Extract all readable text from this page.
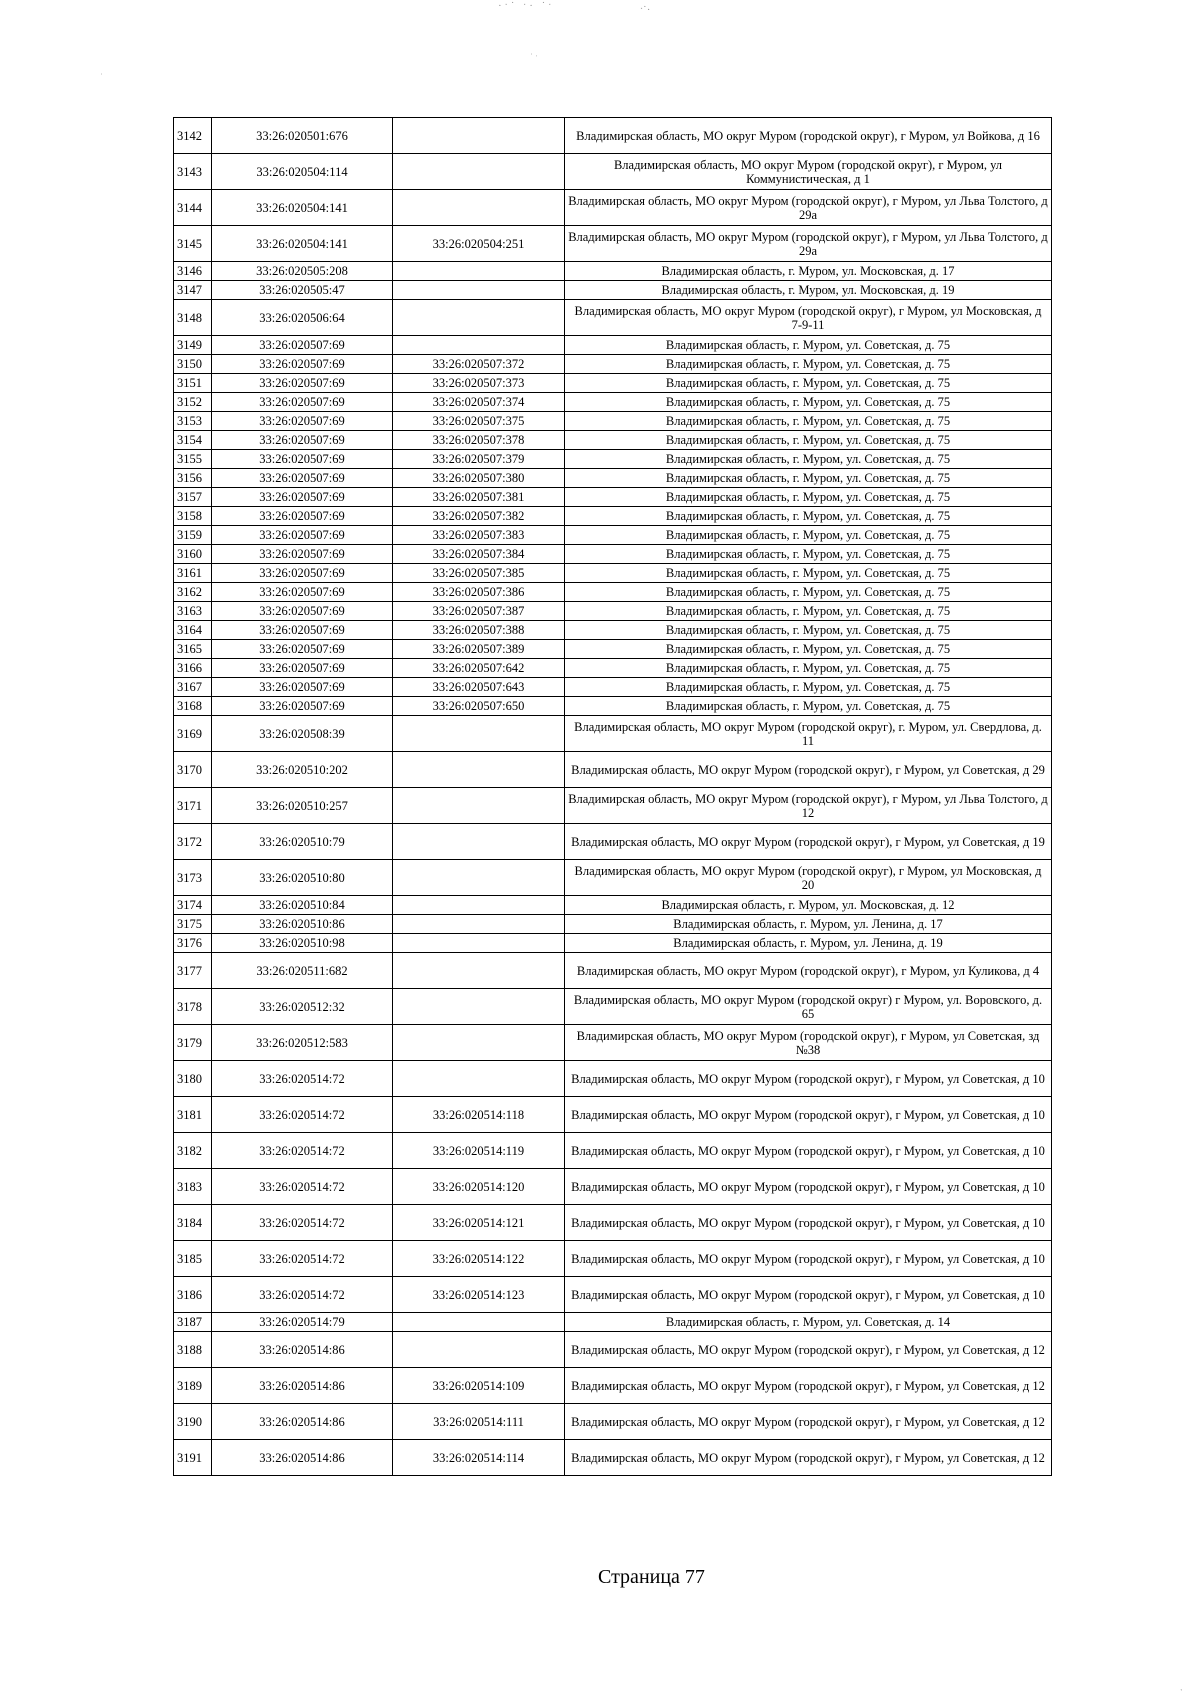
·ˑ˙ ˑ· ˙ˑ	ˑ˙·
˙ ˑ
˙
3142	33:26:020501:676		Владимирская область, МО округ Муром (городской округ), г Муром, ул Войкова, д 16
3143	33:26:020504:114		Владимирская область, МО округ Муром (городской округ), г Муром, ул Коммунистическая, д 1
3144	33:26:020504:141		Владимирская область, МО округ Муром (городской округ), г Муром, ул Льва Толстого, д 29а
3145	33:26:020504:141	33:26:020504:251	Владимирская область, МО округ Муром (городской округ), г Муром, ул Льва Толстого, д 29а
3146	33:26:020505:208		Владимирская область, г. Муром, ул. Московская, д. 17
3147	33:26:020505:47		Владимирская область, г. Муром, ул. Московская, д. 19
3148	33:26:020506:64		Владимирская область, МО округ Муром (городской округ), г Муром, ул Московская, д 7-9-11
3149	33:26:020507:69		Владимирская область, г. Муром, ул. Советская, д. 75
3150	33:26:020507:69	33:26:020507:372	Владимирская область, г. Муром, ул. Советская, д. 75
3151	33:26:020507:69	33:26:020507:373	Владимирская область, г. Муром, ул. Советская, д. 75
3152	33:26:020507:69	33:26:020507:374	Владимирская область, г. Муром, ул. Советская, д. 75
3153	33:26:020507:69	33:26:020507:375	Владимирская область, г. Муром, ул. Советская, д. 75
3154	33:26:020507:69	33:26:020507:378	Владимирская область, г. Муром, ул. Советская, д. 75
3155	33:26:020507:69	33:26:020507:379	Владимирская область, г. Муром, ул. Советская, д. 75
3156	33:26:020507:69	33:26:020507:380	Владимирская область, г. Муром, ул. Советская, д. 75
3157	33:26:020507:69	33:26:020507:381	Владимирская область, г. Муром, ул. Советская, д. 75
3158	33:26:020507:69	33:26:020507:382	Владимирская область, г. Муром, ул. Советская, д. 75
3159	33:26:020507:69	33:26:020507:383	Владимирская область, г. Муром, ул. Советская, д. 75
3160	33:26:020507:69	33:26:020507:384	Владимирская область, г. Муром, ул. Советская, д. 75
3161	33:26:020507:69	33:26:020507:385	Владимирская область, г. Муром, ул. Советская, д. 75
3162	33:26:020507:69	33:26:020507:386	Владимирская область, г. Муром, ул. Советская, д. 75
3163	33:26:020507:69	33:26:020507:387	Владимирская область, г. Муром, ул. Советская, д. 75
3164	33:26:020507:69	33:26:020507:388	Владимирская область, г. Муром, ул. Советская, д. 75
3165	33:26:020507:69	33:26:020507:389	Владимирская область, г. Муром, ул. Советская, д. 75
3166	33:26:020507:69	33:26:020507:642	Владимирская область, г. Муром, ул. Советская, д. 75
3167	33:26:020507:69	33:26:020507:643	Владимирская область, г. Муром, ул. Советская, д. 75
3168	33:26:020507:69	33:26:020507:650	Владимирская область, г. Муром, ул. Советская, д. 75
3169	33:26:020508:39		Владимирская область, МО округ Муром (городской округ), г. Муром, ул. Свердлова, д. 11
3170	33:26:020510:202		Владимирская область, МО округ Муром (городской округ), г Муром, ул Советская, д 29
3171	33:26:020510:257		Владимирская область, МО округ Муром (городской округ), г Муром, ул Льва Толстого, д 12
3172	33:26:020510:79		Владимирская область, МО округ Муром (городской округ), г Муром, ул Советская, д 19
3173	33:26:020510:80		Владимирская область, МО округ Муром (городской округ), г Муром, ул Московская, д 20
3174	33:26:020510:84		Владимирская область, г. Муром, ул. Московская, д. 12
3175	33:26:020510:86		Владимирская область, г. Муром, ул. Ленина, д. 17
3176	33:26:020510:98		Владимирская область, г. Муром, ул. Ленина, д. 19
3177	33:26:020511:682		Владимирская область, МО округ Муром (городской округ), г Муром, ул Куликова, д 4
3178	33:26:020512:32		Владимирская область, МО округ Муром (городской округ) г Муром, ул. Воровского, д. 65
3179	33:26:020512:583		Владимирская область, МО округ Муром (городской округ), г Муром, ул Советская, зд №38
3180	33:26:020514:72		Владимирская область, МО округ Муром (городской округ), г Муром, ул Советская, д 10
3181	33:26:020514:72	33:26:020514:118	Владимирская область, МО округ Муром (городской округ), г Муром, ул Советская, д 10
3182	33:26:020514:72	33:26:020514:119	Владимирская область, МО округ Муром (городской округ), г Муром, ул Советская, д 10
3183	33:26:020514:72	33:26:020514:120	Владимирская область, МО округ Муром (городской округ), г Муром, ул Советская, д 10
3184	33:26:020514:72	33:26:020514:121	Владимирская область, МО округ Муром (городской округ), г Муром, ул Советская, д 10
3185	33:26:020514:72	33:26:020514:122	Владимирская область, МО округ Муром (городской округ), г Муром, ул Советская, д 10
3186	33:26:020514:72	33:26:020514:123	Владимирская область, МО округ Муром (городской округ), г Муром, ул Советская, д 10
3187	33:26:020514:79		Владимирская область, г. Муром, ул. Советская, д. 14
3188	33:26:020514:86		Владимирская область, МО округ Муром (городской округ), г Муром, ул Советская, д 12
3189	33:26:020514:86	33:26:020514:109	Владимирская область, МО округ Муром (городской округ), г Муром, ул Советская, д 12
3190	33:26:020514:86	33:26:020514:111	Владимирская область, МО округ Муром (городской округ), г Муром, ул Советская, д 12
3191	33:26:020514:86	33:26:020514:114	Владимирская область, МО округ Муром (городской округ), г Муром, ул Советская, д 12
Страница 77
ˑ
